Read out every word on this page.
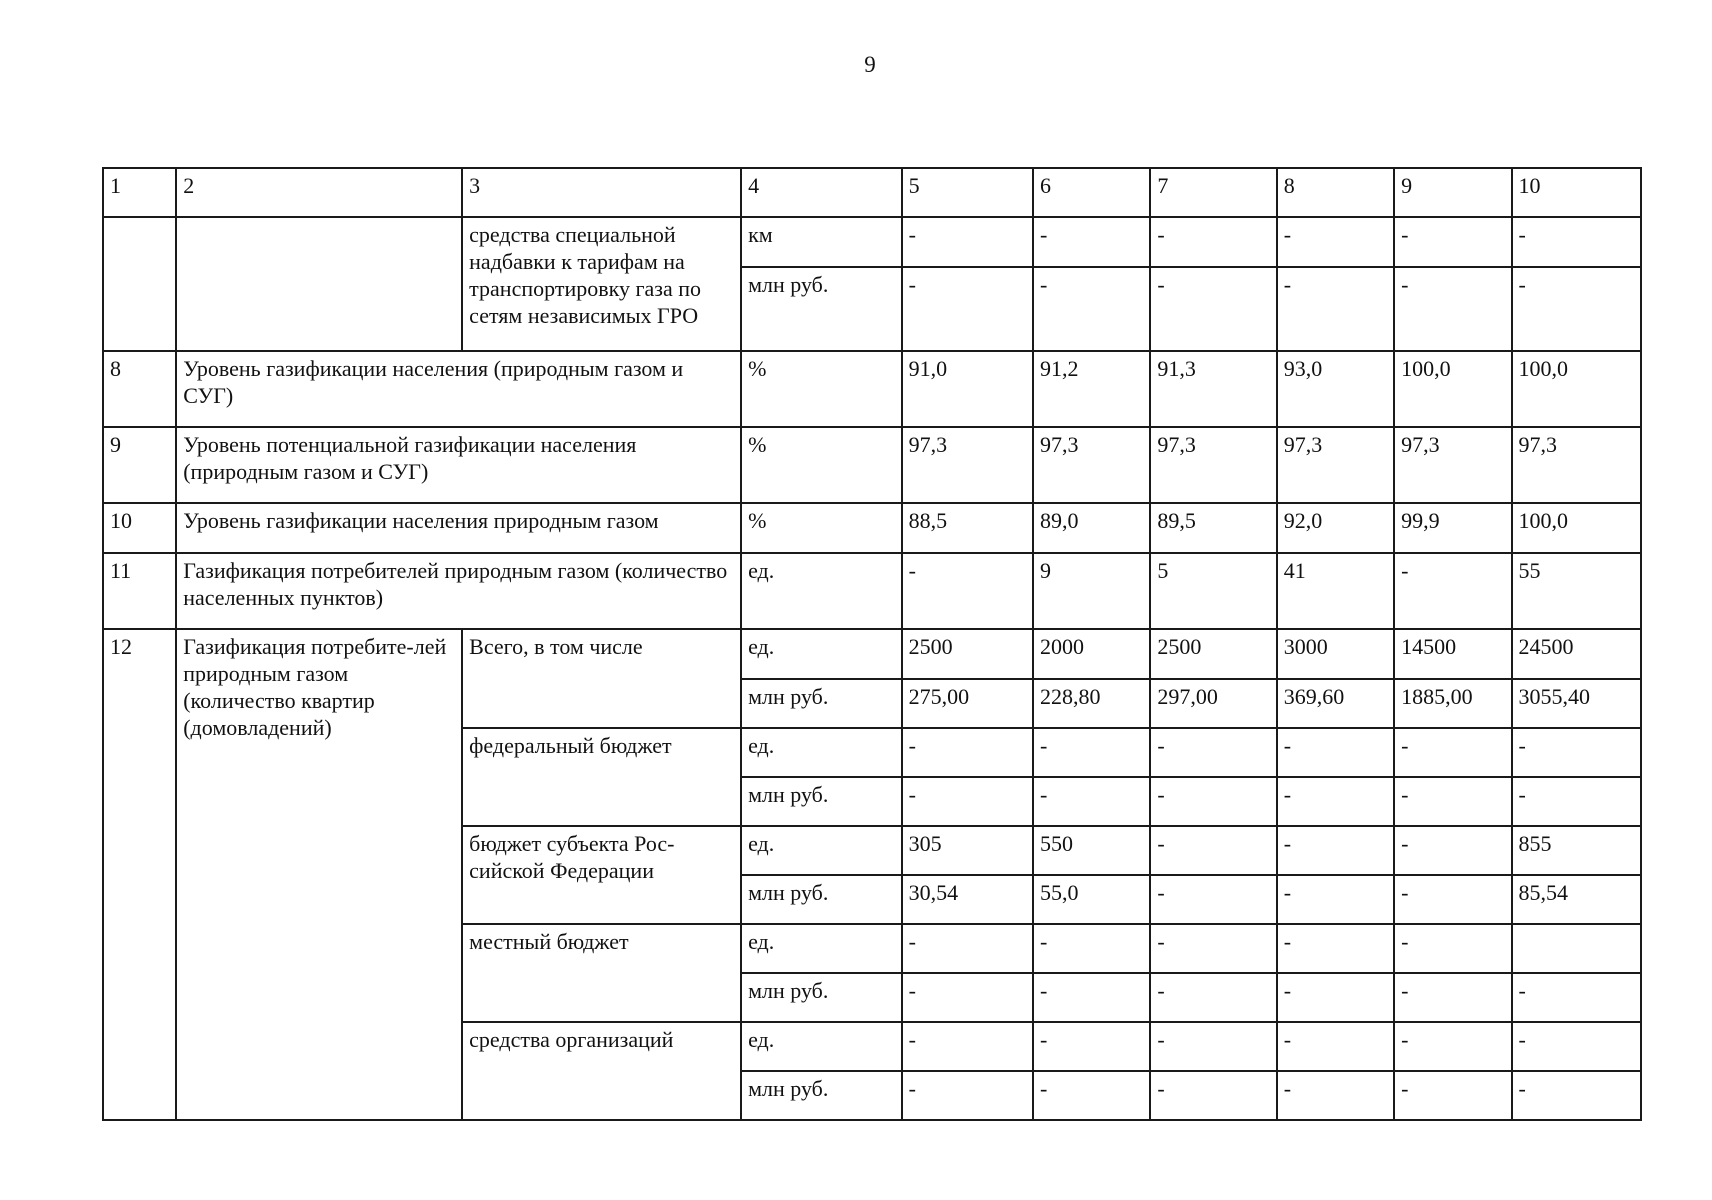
9
1	2	3	4	5	6	7	8	9	10
		средства специальной надбавки к тарифам на транспортировку газа по сетям независимых ГРО	км	-	-	-	-	-	-
			млн руб.	-	-	-	-	-	-
8	Уровень газификации населения (природным газом и СУГ)		%	91,0	91,2	91,3	93,0	100,0	100,0
9	Уровень потенциальной газификации населения (природным газом и СУГ)		%	97,3	97,3	97,3	97,3	97,3	97,3
10	Уровень газификации населения природным газом		%	88,5	89,0	89,5	92,0	99,9	100,0
11	Газификация потребителей природным газом (количество населенных пунктов)		ед.	-	9	5	41	-	55
12	Газификация потребите-лей природным газом (количество квартир (домовладений)	Всего, в том числе	ед.	2500	2000	2500	3000	14500	24500
			млн руб.	275,00	228,80	297,00	369,60	1885,00	3055,40
		федеральный бюджет	ед.	-	-	-	-	-	-
			млн руб.	-	-	-	-	-	-
		бюджет субъекта Рос-сийской Федерации	ед.	305	550	-	-	-	855
			млн руб.	30,54	55,0	-	-	-	85,54
		местный бюджет	ед.	-	-	-	-	-	
			млн руб.	-	-	-	-	-	-
		средства организаций	ед.	-	-	-	-	-	-
			млн руб.	-	-	-	-	-	-
